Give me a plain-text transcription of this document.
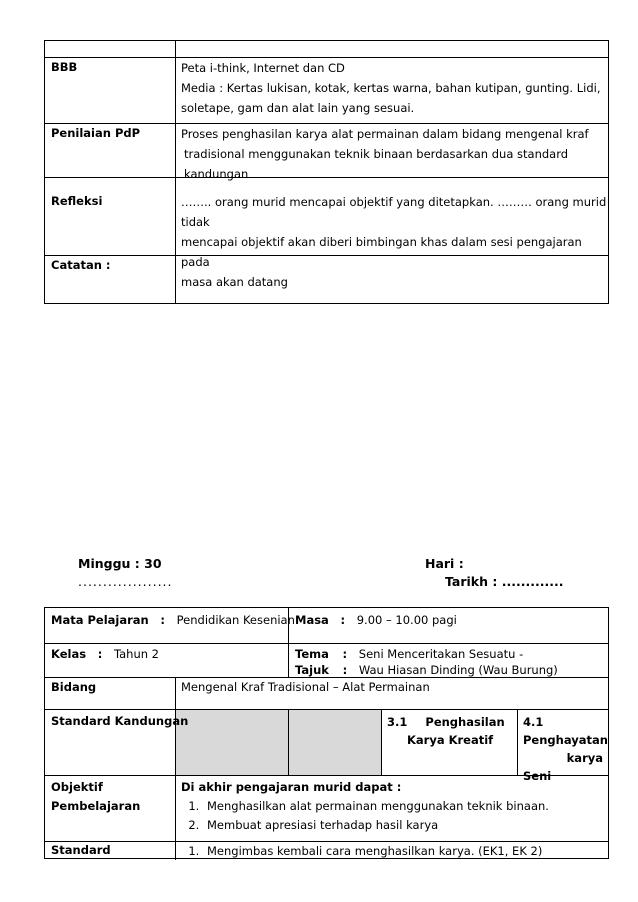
BBB	Peta i-think, Internet dan CD
Media : Kertas lukisan, kotak, kertas warna, bahan kutipan, gunting. Lidi,
soletape, gam dan alat lain yang sesuai.
Penilaian PdP	Proses penghasilan karya alat permainan dalam bidang mengenal kraf
tradisional menggunakan teknik binaan berdasarkan dua standard kandungan
Refleksi	…….. orang murid mencapai objektif yang ditetapkan. ……… orang murid tidak
mencapai objektif akan diberi bimbingan khas dalam sesi pengajaran pada
masa akan datang
Catatan :
Minggu : 30
...................
Hari :
Tarikh : .............
Mata Pelajaran : Pendidikan Kesenian Masa : 9.00 – 10.00 pagi
Kelas : Tahun 2	Tema : Seni Menceritakan Sesuatu -
Tajuk : Wau Hiasan Dinding (Wau Burung)
Bidang	Mengenal Kraf Tradisional – Alat Permainan
Standard Kandungan	3.1 Penghasilan
Karya Kreatif
4.1
Penghayatan
karya
Seni
Objektif
Pembelajaran
Di akhir pengajaran murid dapat :
1. Menghasilkan alat permainan menggunakan teknik binaan.
2. Membuat apresiasi terhadap hasil karya
Standard
1.	Mengimbas kembali cara menghasilkan karya. (EK1, EK 2)
